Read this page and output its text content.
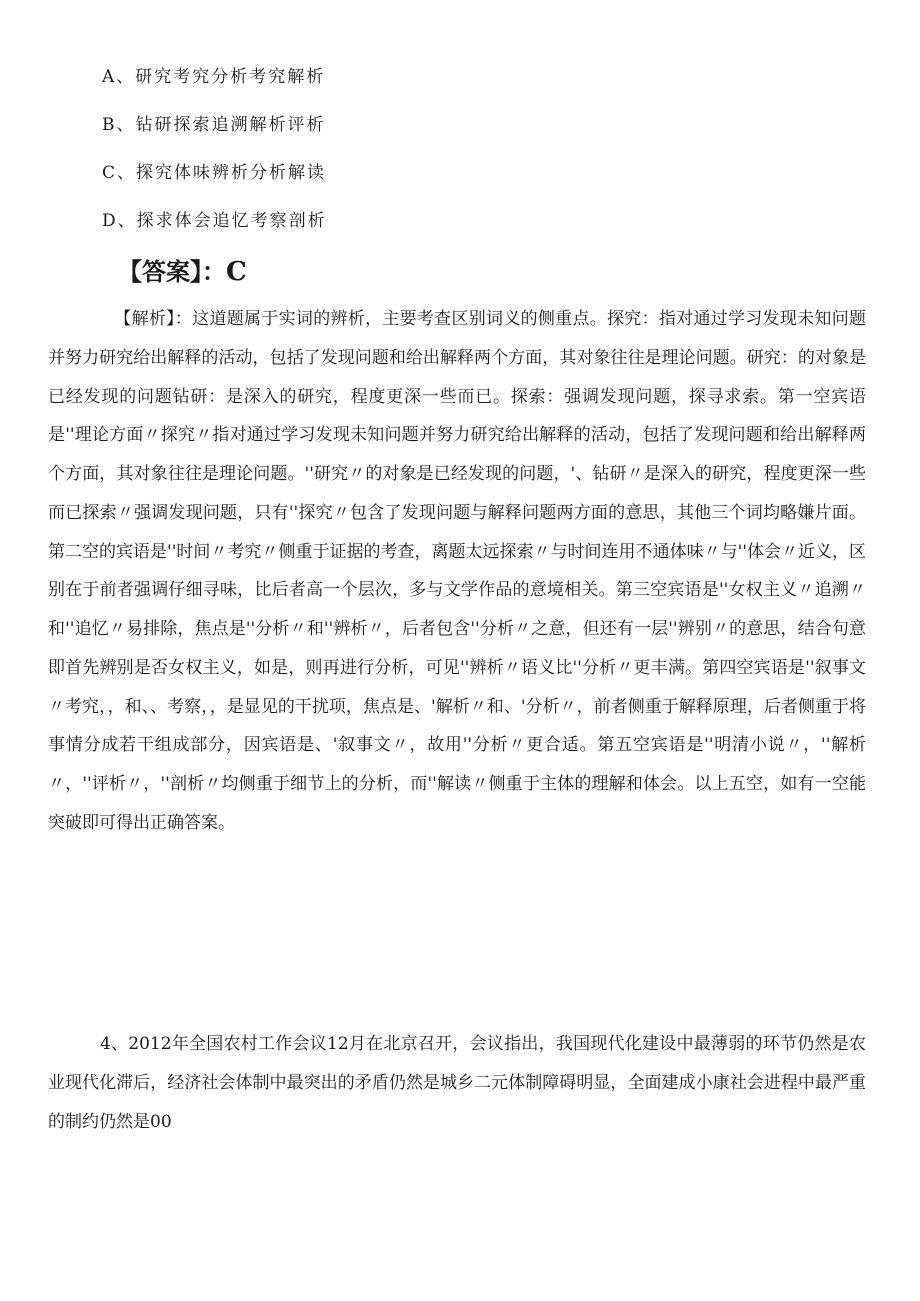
A、研究考究分析考究解析
B、钻研探索追溯解析评析
C、探究体味辨析分析解读
D、探求体会追忆考察剖析
【答案】：C
【解析】：这道题属于实词的辨析，主要考查区别词义的侧重点。探究：指对通过学习发现未知问题并努力研究给出解释的活动，包括了发现问题和给出解释两个方面，其对象往往是理论问题。研究：的对象是已经发现的问题钻研：是深入的研究，程度更深一些而已。探索：强调发现问题，探寻求索。第一空宾语是''理论方面〃探究〃指对通过学习发现未知问题并努力研究给出解释的活动，包括了发现问题和给出解释两个方面，其对象往往是理论问题。''研究〃的对象是已经发现的问题，'、钻研〃是深入的研究，程度更深一些而已探索〃强调发现问题，只有''探究〃包含了发现问题与解释问题两方面的意思，其他三个词均略嫌片面。第二空的宾语是''时间〃考究〃侧重于证据的考查，离题太远探索〃与时间连用不通体味〃与''体会〃近义，区别在于前者强调仔细寻味，比后者高一个层次，多与文学作品的意境相关。第三空宾语是''女权主义〃追溯〃和''追忆〃易排除，焦点是''分析〃和''辨析〃，后者包含''分析〃之意，但还有一层''辨别〃的意思，结合句意即首先辨别是否女权主义，如是，则再进行分析，可见''辨析〃语义比''分析〃更丰满。第四空宾语是''叙事文〃考究，，和、、考察，，是显见的干扰项，焦点是、'解析〃和、'分析〃，前者侧重于解释原理，后者侧重于将事情分成若干组成部分，因宾语是、'叙事文〃，故用''分析〃更合适。第五空宾语是''明清小说〃，''解析〃，''评析〃，''剖析〃均侧重于细节上的分析，而''解读〃侧重于主体的理解和体会。以上五空，如有一空能突破即可得出正确答案。
4、2012年全国农村工作会议12月在北京召开，会议指出，我国现代化建设中最薄弱的环节仍然是农业现代化滞后，经济社会体制中最突出的矛盾仍然是城乡二元体制障碍明显，全面建成小康社会进程中最严重的制约仍然是00
